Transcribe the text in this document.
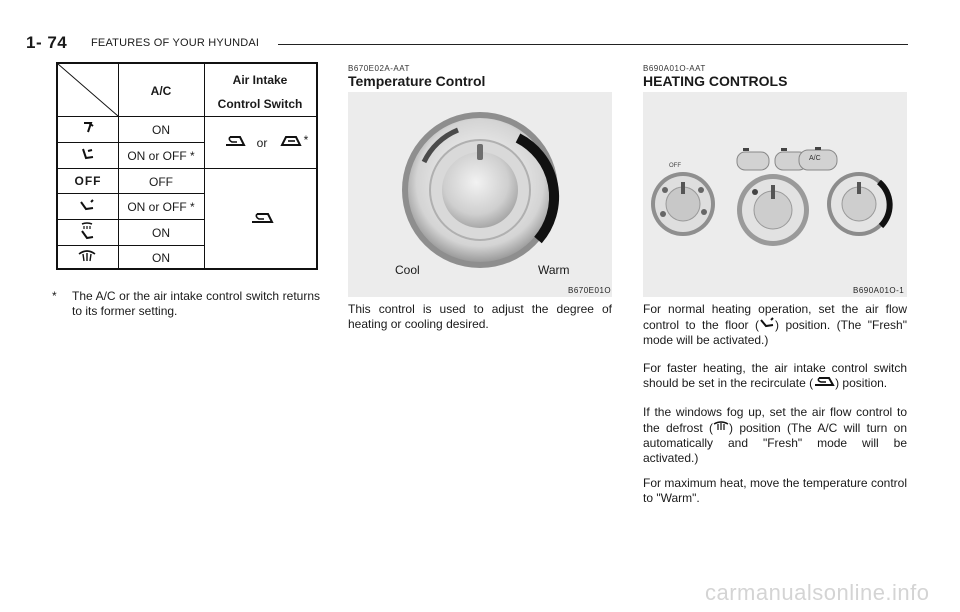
1- 74 FEATURES OF YOUR HYUNDAI
A/C
Air Intake
Control Switch
OFF
ON
ON or OFF *
OFF
ON or OFF *
ON
ON
or	*
* The A/C or the air intake control switch returns to its former setting.
B670E02A-AAT
Temperature Control
Cool	Warm
B670E01O
This control is used to adjust the degree of heating or cooling desired.
B690A01O-AAT
HEATING CONTROLS
OFF
A/C
B690A01O-1
For normal heating operation, set the air flow control to the floor ( ) position. (The "Fresh" mode will be activated.)
For faster heating, the air intake control switch should be set in the recirculate ( ) position.
If the windows fog up, set the air flow control to the defrost ( ) position (The A/C will turn on automatically and "Fresh" mode will be activated.)
For maximum heat, move the temperature control to "Warm".
carmanualsonline.info
